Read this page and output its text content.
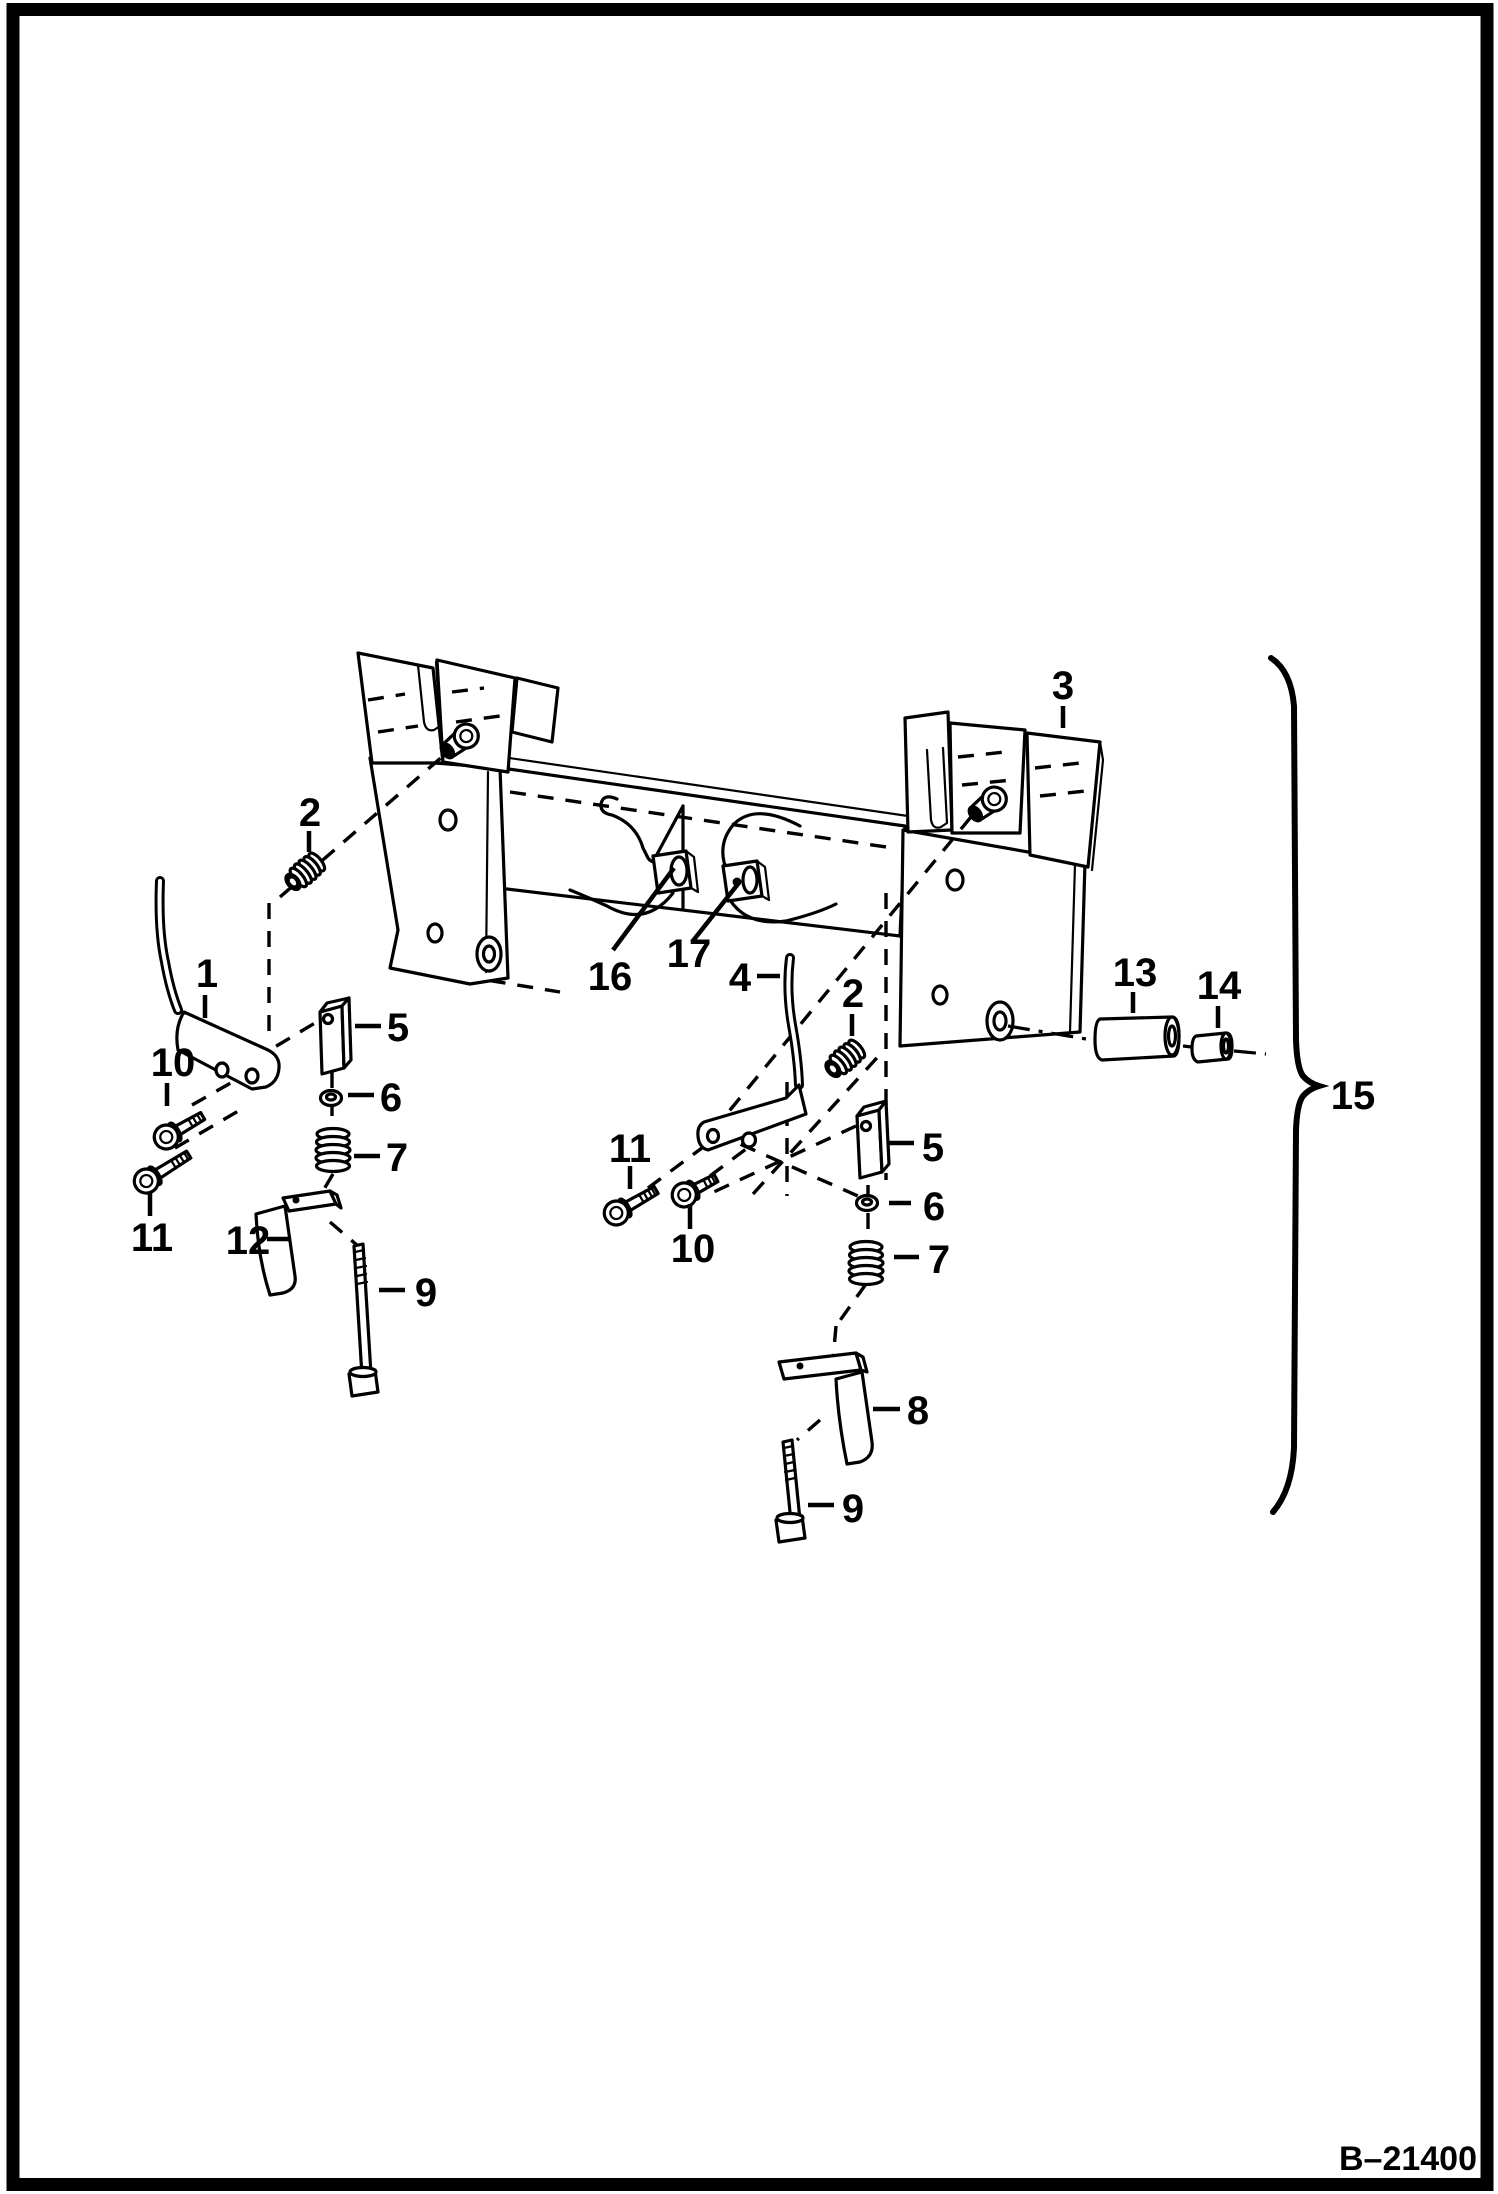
1
2
3
4
5
6
7
8
9
10
11 12
13 14
15
16
17
2
5
6
7
9
10
11
B–21400
